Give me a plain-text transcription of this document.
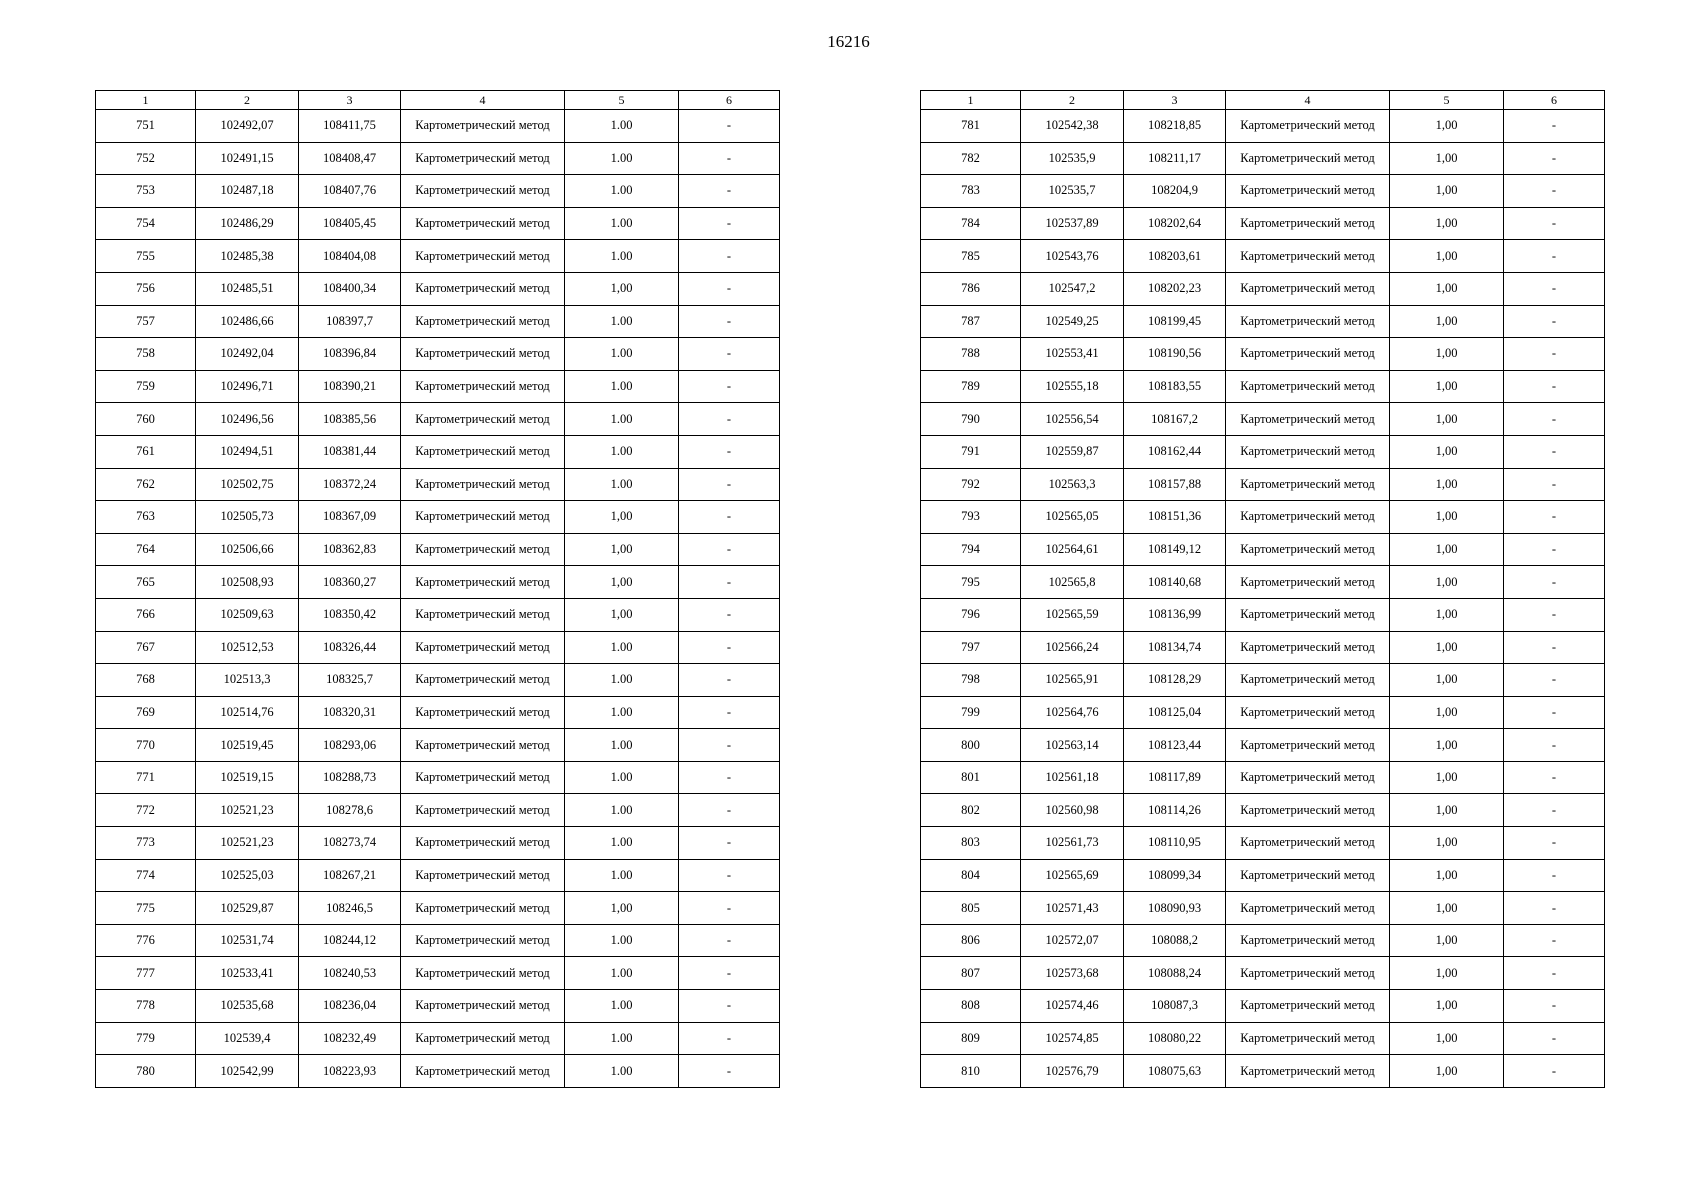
16216
1	2	3	4	5	6
751	102492,07	108411,75	Картометрический метод	1.00	-
752	102491,15	108408,47	Картометрический метод	1.00	-
753	102487,18	108407,76	Картометрический метод	1.00	-
754	102486,29	108405,45	Картометрический метод	1.00	-
755	102485,38	108404,08	Картометрический метод	1.00	-
756	102485,51	108400,34	Картометрический метод	1,00	-
757	102486,66	108397,7	Картометрический метод	1.00	-
758	102492,04	108396,84	Картометрический метод	1.00	-
759	102496,71	108390,21	Картометрический метод	1.00	-
760	102496,56	108385,56	Картометрический метод	1.00	-
761	102494,51	108381,44	Картометрический метод	1.00	-
762	102502,75	108372,24	Картометрический метод	1.00	-
763	102505,73	108367,09	Картометрический метод	1,00	-
764	102506,66	108362,83	Картометрический метод	1,00	-
765	102508,93	108360,27	Картометрический метод	1,00	-
766	102509,63	108350,42	Картометрический метод	1,00	-
767	102512,53	108326,44	Картометрический метод	1.00	-
768	102513,3	108325,7	Картометрический метод	1.00	-
769	102514,76	108320,31	Картометрический метод	1.00	-
770	102519,45	108293,06	Картометрический метод	1.00	-
771	102519,15	108288,73	Картометрический метод	1.00	-
772	102521,23	108278,6	Картометрический метод	1.00	-
773	102521,23	108273,74	Картометрический метод	1.00	-
774	102525,03	108267,21	Картометрический метод	1.00	-
775	102529,87	108246,5	Картометрический метод	1,00	-
776	102531,74	108244,12	Картометрический метод	1.00	-
777	102533,41	108240,53	Картометрический метод	1.00	-
778	102535,68	108236,04	Картометрический метод	1.00	-
779	102539,4	108232,49	Картометрический метод	1.00	-
780	102542,99	108223,93	Картометрический метод	1.00	-
1	2	3	4	5	6
781	102542,38	108218,85	Картометрический метод	1,00	-
782	102535,9	108211,17	Картометрический метод	1,00	-
783	102535,7	108204,9	Картометрический метод	1,00	-
784	102537,89	108202,64	Картометрический метод	1,00	-
785	102543,76	108203,61	Картометрический метод	1,00	-
786	102547,2	108202,23	Картометрический метод	1,00	-
787	102549,25	108199,45	Картометрический метод	1,00	-
788	102553,41	108190,56	Картометрический метод	1,00	-
789	102555,18	108183,55	Картометрический метод	1,00	-
790	102556,54	108167,2	Картометрический метод	1,00	-
791	102559,87	108162,44	Картометрический метод	1,00	-
792	102563,3	108157,88	Картометрический метод	1,00	-
793	102565,05	108151,36	Картометрический метод	1,00	-
794	102564,61	108149,12	Картометрический метод	1,00	-
795	102565,8	108140,68	Картометрический метод	1,00	-
796	102565,59	108136,99	Картометрический метод	1,00	-
797	102566,24	108134,74	Картометрический метод	1,00	-
798	102565,91	108128,29	Картометрический метод	1,00	-
799	102564,76	108125,04	Картометрический метод	1,00	-
800	102563,14	108123,44	Картометрический метод	1,00	-
801	102561,18	108117,89	Картометрический метод	1,00	-
802	102560,98	108114,26	Картометрический метод	1,00	-
803	102561,73	108110,95	Картометрический метод	1,00	-
804	102565,69	108099,34	Картометрический метод	1,00	-
805	102571,43	108090,93	Картометрический метод	1,00	-
806	102572,07	108088,2	Картометрический метод	1,00	-
807	102573,68	108088,24	Картометрический метод	1,00	-
808	102574,46	108087,3	Картометрический метод	1,00	-
809	102574,85	108080,22	Картометрический метод	1,00	-
810	102576,79	108075,63	Картометрический метод	1,00	-
